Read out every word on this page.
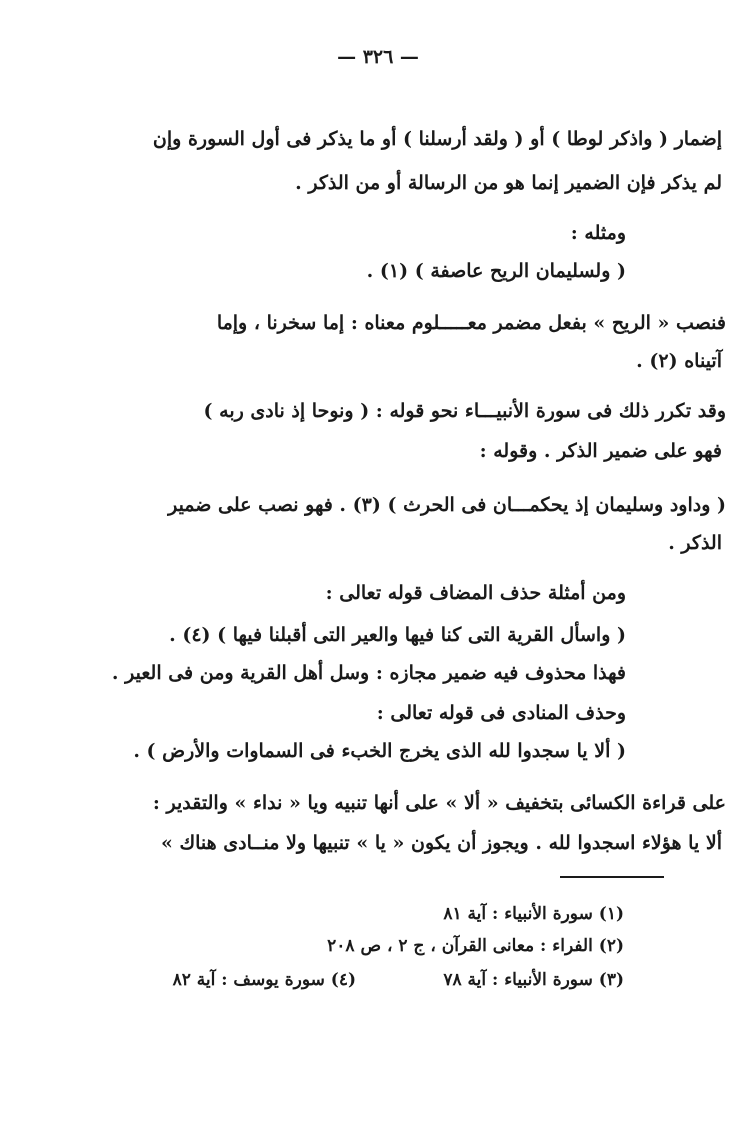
— ٣٢٦ —
إضمار ( واذكر لوطا ) أو ( ولقد أرسلنا ) أو ما يذكر فى أول السورة وإن
لم يذكر فإن الضمير إنما هو من الرسالة أو من الذكر .
ومثله :
( ولسليمان الريح عاصفة ) (١) .
فنصب « الريح » بفعل مضمر معـــــلوم معناه : إما سخرنا ، وإما
آتيناه (٢) .
وقد تكرر ذلك فى سورة الأنبيـــاء نحو قوله : ( ونوحا إذ نادى ربه )
فهو على ضمير الذكر . وقوله :
( وداود وسليمان إذ يحكمـــان فى الحرث ) (٣) . فهو نصب على ضمير
الذكر .
ومن أمثلة حذف المضاف قوله تعالى :
( واسأل القرية التى كنا فيها والعير التى أقبلنا فيها ) (٤) .
فهذا محذوف فيه ضمير مجازه : وسل أهل القرية ومن فى العير .
وحذف المنادى فى قوله تعالى :
( ألا يا سجدوا لله الذى يخرج الخبء فى السماوات والأرض ) .
على قراءة الكسائى بتخفيف « ألا » على أنها تنبيه ويا « نداء » والتقدير :
ألا يا هؤلاء اسجدوا لله . ويجوز أن يكون « يا » تنبيها ولا منــادى هناك »
(١) سورة الأنبياء : آية ٨١
(٢) الفراء : معانى القرآن ، ج ٢ ، ص ٢٠٨
(٣) سورة الأنبياء : آية ٧٨
(٤) سورة يوسف : آية ٨٢
